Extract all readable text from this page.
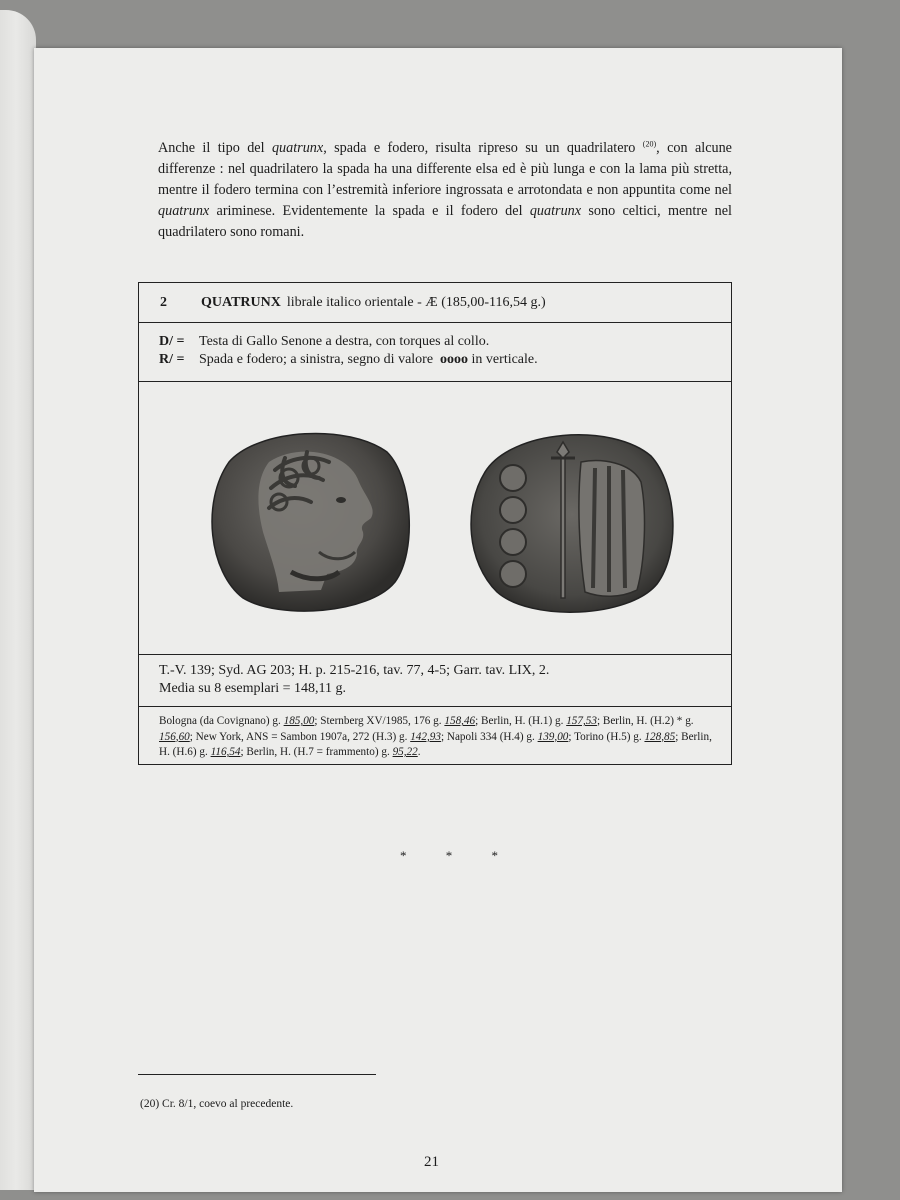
Anche il tipo del quatrunx, spada e fodero, risulta ripreso su un quadrilatero $^{(20)}$, con alcune differenze : nel quadrilatero la spada ha una differente elsa ed è più lunga e con la lama più stretta, mentre il fodero termina con l’estremità inferiore ingrossata e arrotondata e non appuntita come nel quatrunx ariminese. Evidentemente la spada e il fodero del quatrunx sono celtici, mentre nel quadrilatero sono romani.

2	QUATRUNX librale italico orientale - Æ (185,00-116,54 g.)
D/ =	Testa di Gallo Senone a destra, con torques al collo.
R/ =	Spada e fodero; a sinistra, segno di valore  oooo in verticale.
T.-V. 139; Syd. AG 203; H. p. 215-216, tav. 77, 4-5; Garr. tav. LIX, 2.
Media su 8 esemplari = 148,11 g.
Bologna (da Covignano) g. 185,00; Sternberg XV/1985, 176 g. 158,46; Berlin, H. (H.1) g. 157,53; Berlin, H. (H.2) * g. 156,60; New York, ANS = Sambon 1907a, 272 (H.3) g. 142,93; Napoli 334 (H.4) g. 139,00; Torino (H.5) g. 128,85; Berlin, H. (H.6) g. 116,54; Berlin, H. (H.7 = frammento) g. 95,22.
* * *
(20) Cr. 8/1, coevo al precedente.
21
